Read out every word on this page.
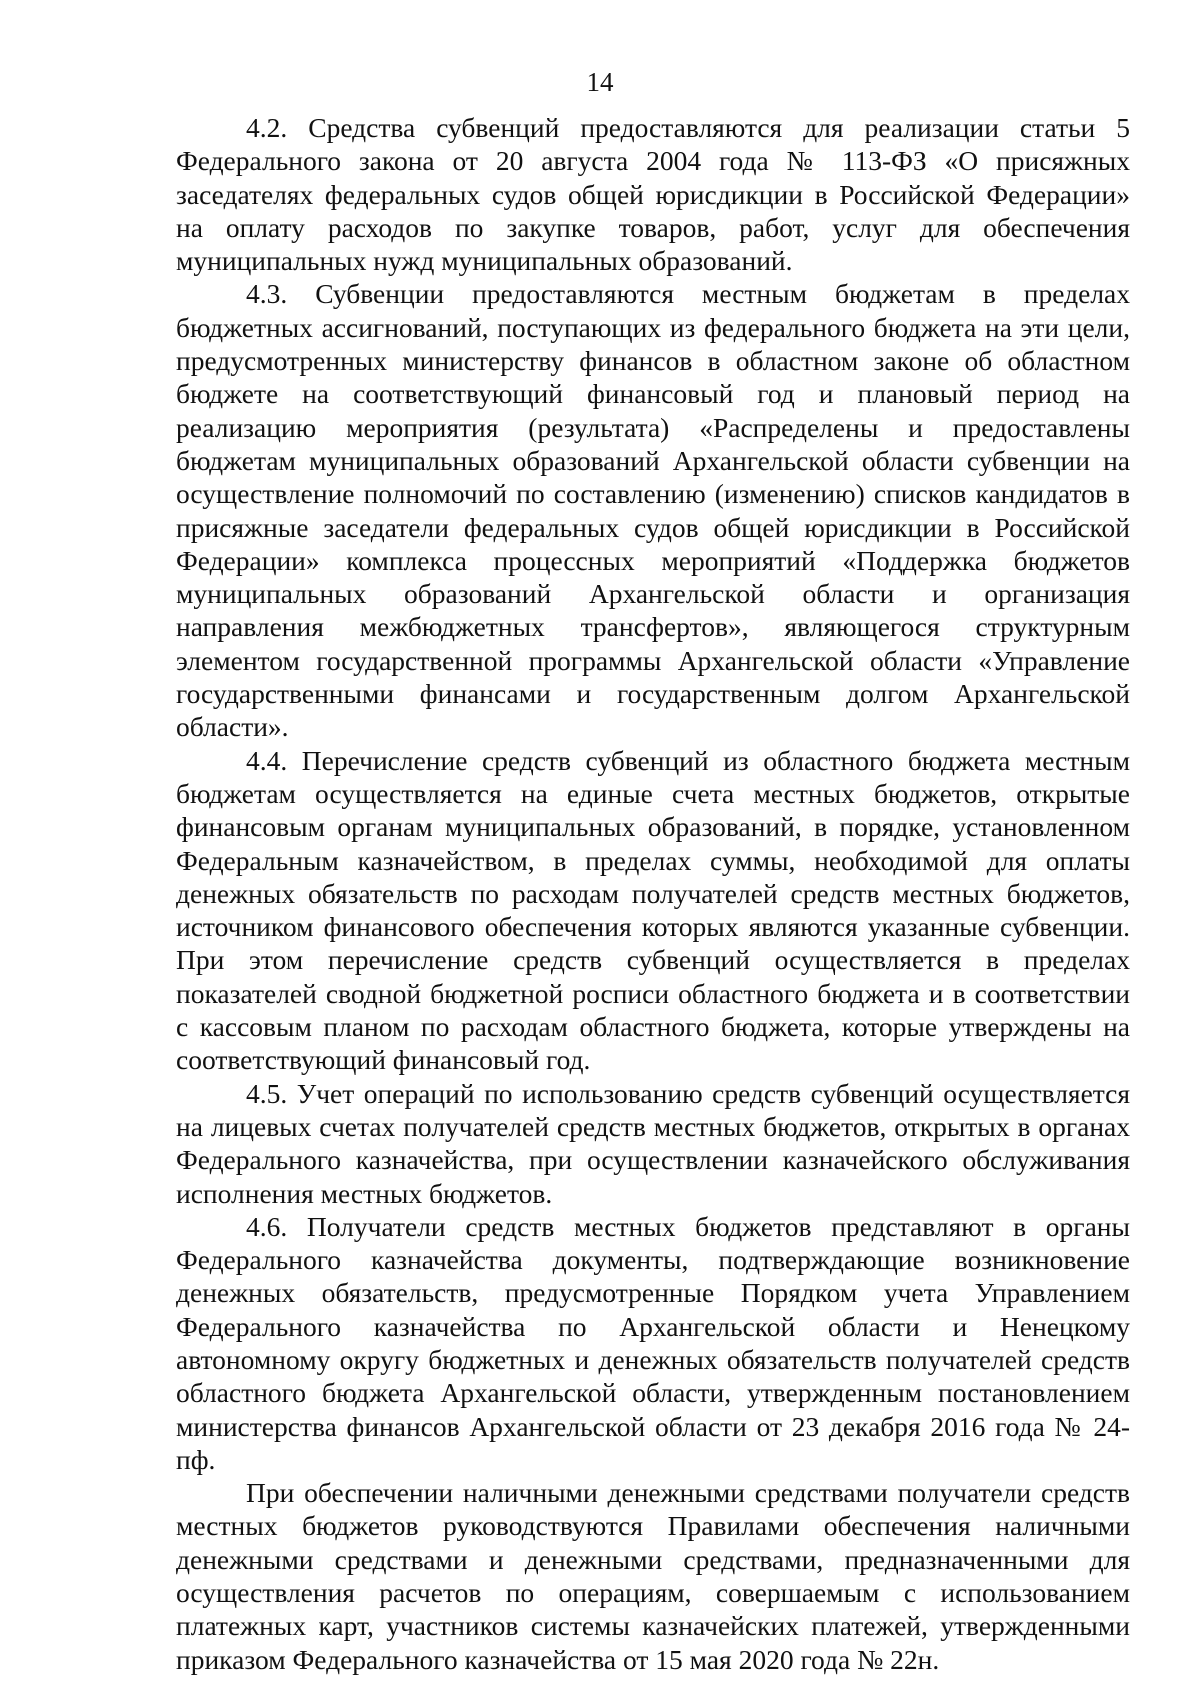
14

4.2. Средства субвенций предоставляются для реализации статьи 5 Федерального закона от 20 августа 2004 года № 113-ФЗ «О присяжных заседателях федеральных судов общей юрисдикции в Российской Федерации» на оплату расходов по закупке товаров, работ, услуг для обеспечения муниципальных нужд муниципальных образований.

4.3. Субвенции предоставляются местным бюджетам в пределах бюджетных ассигнований, поступающих из федерального бюджета на эти цели, предусмотренных министерству финансов в областном законе об областном бюджете на соответствующий финансовый год и плановый период на реализацию мероприятия (результата) «Распределены и предоставлены бюджетам муниципальных образований Архангельской области субвенции на осуществление полномочий по составлению (изменению) списков кандидатов в присяжные заседатели федеральных судов общей юрисдикции в Российской Федерации» комплекса процессных мероприятий «Поддержка бюджетов муниципальных образований Архангельской области и организация направления межбюджетных трансфертов», являющегося структурным элементом государственной программы Архангельской области «Управление государственными финансами и государственным долгом Архангельской области».

4.4. Перечисление средств субвенций из областного бюджета местным бюджетам осуществляется на единые счета местных бюджетов, открытые финансовым органам муниципальных образований, в порядке, установленном Федеральным казначейством, в пределах суммы, необходимой для оплаты денежных обязательств по расходам получателей средств местных бюджетов, источником финансового обеспечения которых являются указанные субвенции. При этом перечисление средств субвенций осуществляется в пределах показателей сводной бюджетной росписи областного бюджета и в соответствии с кассовым планом по расходам областного бюджета, которые утверждены на соответствующий финансовый год.

4.5. Учет операций по использованию средств субвенций осуществляется на лицевых счетах получателей средств местных бюджетов, открытых в органах Федерального казначейства, при осуществлении казначейского обслуживания исполнения местных бюджетов.

4.6. Получатели средств местных бюджетов представляют в органы Федерального казначейства документы, подтверждающие возникновение денежных обязательств, предусмотренные Порядком учета Управлением Федерального казначейства по Архангельской области и Ненецкому автономному округу бюджетных и денежных обязательств получателей средств областного бюджета Архангельской области, утвержденным постановлением министерства финансов Архангельской области от 23 декабря 2016 года № 24-пф.

При обеспечении наличными денежными средствами получатели средств местных бюджетов руководствуются Правилами обеспечения наличными денежными средствами и денежными средствами, предназначенными для осуществления расчетов по операциям, совершаемым с использованием платежных карт, участников системы казначейских платежей, утвержденными приказом Федерального казначейства от 15 мая 2020 года № 22н.
